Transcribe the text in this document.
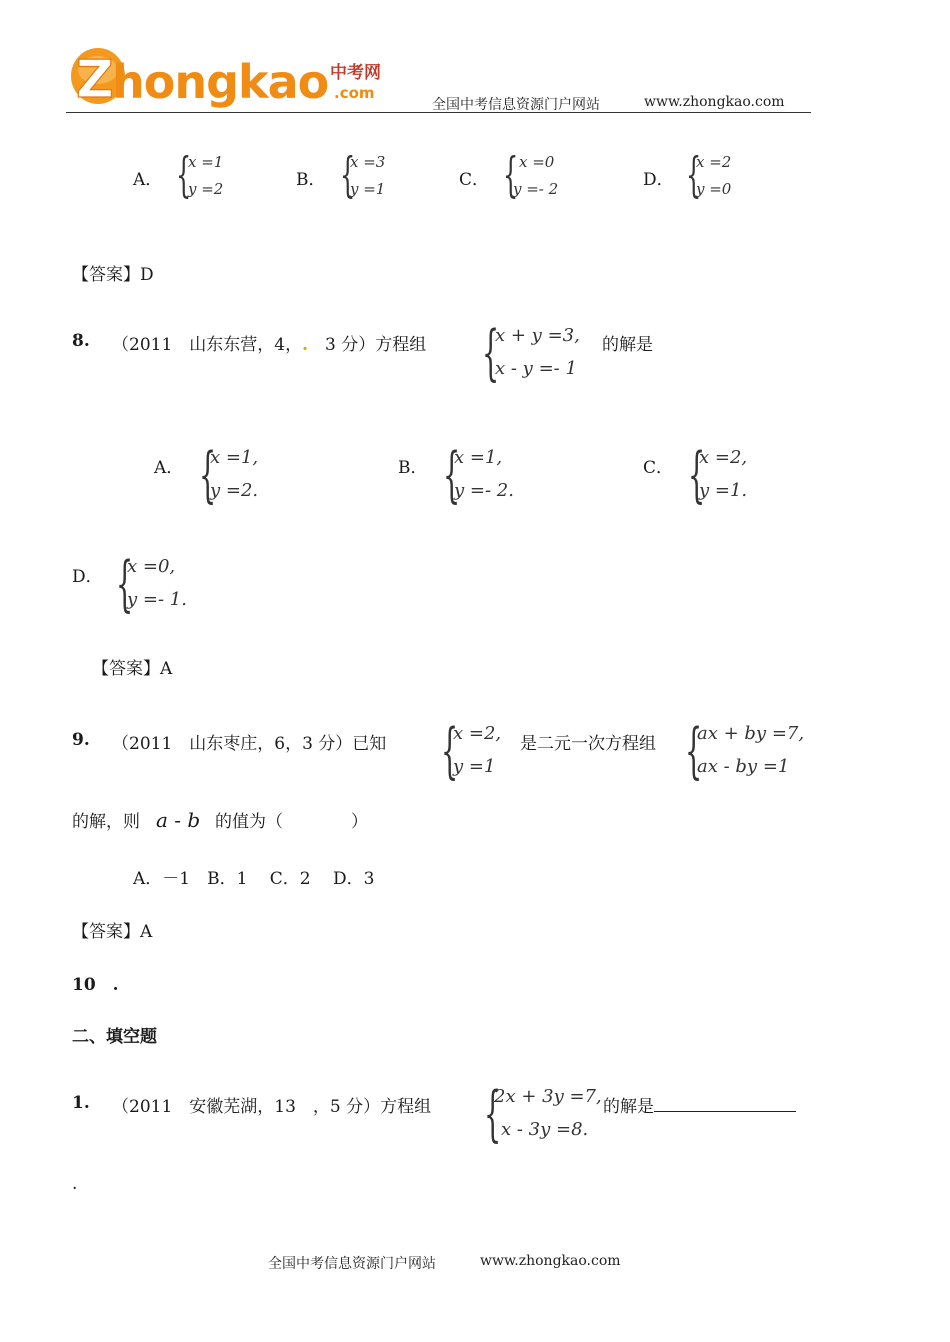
Z
hongkao 中考网
.com
全国中考信息资源门户网站	www.zhongkao.com
A． {
x =1
y =2	B． {
x =3
y =1	C． { x =0
y =- 2	D． {
x =2
y =0
【答案】D
8. （2011　山东东营，4，.　 3 分）方程组 {
x + y =3,
x - y =- 1
的解是
A． {
x =1,
y =2.
B． {
x =1,
y =- 2.
C． {
x =2,
y =1.
D． {
x =0,
y =- 1.
【答案】A
9. （2011　山东枣庄，6，3 分）已知 {
x =2,
y =1
是二元一次方程组 {
ax + by =7,
ax - by =1
的解，则 a - b 的值为（　　　　）
A．－1　B．1　 C．2　 D．3
【答案】A
10　.
二、填空题
1. （2011　安徽芜湖，13　，5 分）方程组 {
2x + 3y =7,
x - 3y =8.
的解是
.
全国中考信息资源门户网站	www.zhongkao.com
